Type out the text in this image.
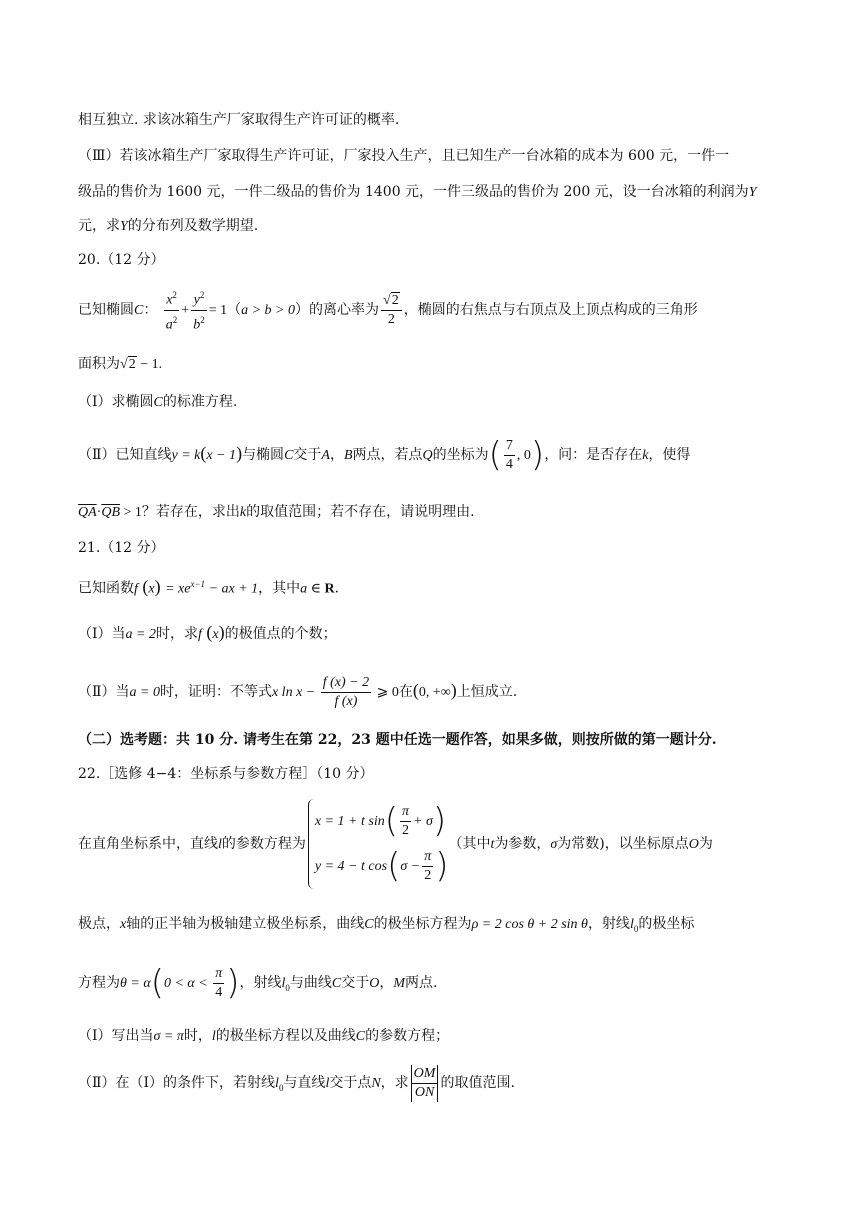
相互独立. 求该冰箱生产厂家取得生产许可证的概率.
（Ⅲ）若该冰箱生产厂家取得生产许可证，厂家投入生产，且已知生产一台冰箱的成本为 600 元，一件一
级品的售价为 1600 元，一件二级品的售价为 1400 元，一件三级品的售价为 200 元，设一台冰箱的利润为Y
元，求Y的分布列及数学期望.
20.（12 分）
已知椭圆C： $\frac{x^2}{a^2} + \frac{y^2}{b^2} = 1(a > b > 0)$的离心率为 $\frac{√2}{2}$ ，椭圆的右焦点与右顶点及上顶点构成的三角形
面积为√2 − 1.
（Ⅰ）求椭圆C的标准方程.
（Ⅱ）已知直线y = k(x − 1)与椭圆C交于A，B两点，若点Q的坐标为( $\frac{7}{4}$ , 0)，问：是否存在k，使得
$\overline{QA}\cdot\overline{QB} > 1$？若存在，求出k的取值范围；若不存在，请说明理由.
21.（12 分）
已知函数f $(x) = xe^{x-1}$ − ax + 1，其中a ∈ R.
（Ⅰ）当a = 2时，求f (x)的极值点的个数；
（Ⅱ）当a = 0时，证明：不等式x $\ln x - \frac{f (x) - 2}{f (x)}$ ⩾ 0在(0, +∞)上恒成立.
（二）选考题：共 10 分. 请考生在第 22，23 题中任选一题作答，如果多做，则按所做的第一题计分.
22.［选修 4−4：坐标系与参数方程］（10 分）
在直角坐标系中，直线l的参数方程为
x = 1 + t $\sin( \frac{\pi}{2} + \sigma)$
y = 4 − t $\cos(\sigma - \frac{\pi}{2}$ )
（其中t为参数，σ为常数)，以坐标原点O为
极点，x轴的正半轴为极轴建立极坐标系，曲线C的极坐标方程为ρ = 2 cos θ + 2 sin θ，射线$l_0$的极坐标
方程为$\theta = \alpha(0 < \alpha < \frac{\pi}{4}$ )，射线$l_0$与曲线C交于O，M两点.
（Ⅰ）写出当σ = π时，l的极坐标方程以及曲线C的参数方程；
（Ⅱ）在（Ⅰ）的条件下，若射线$l_0$与直线l交于点N，求 $\frac{OM}{ON}$ 的取值范围.
